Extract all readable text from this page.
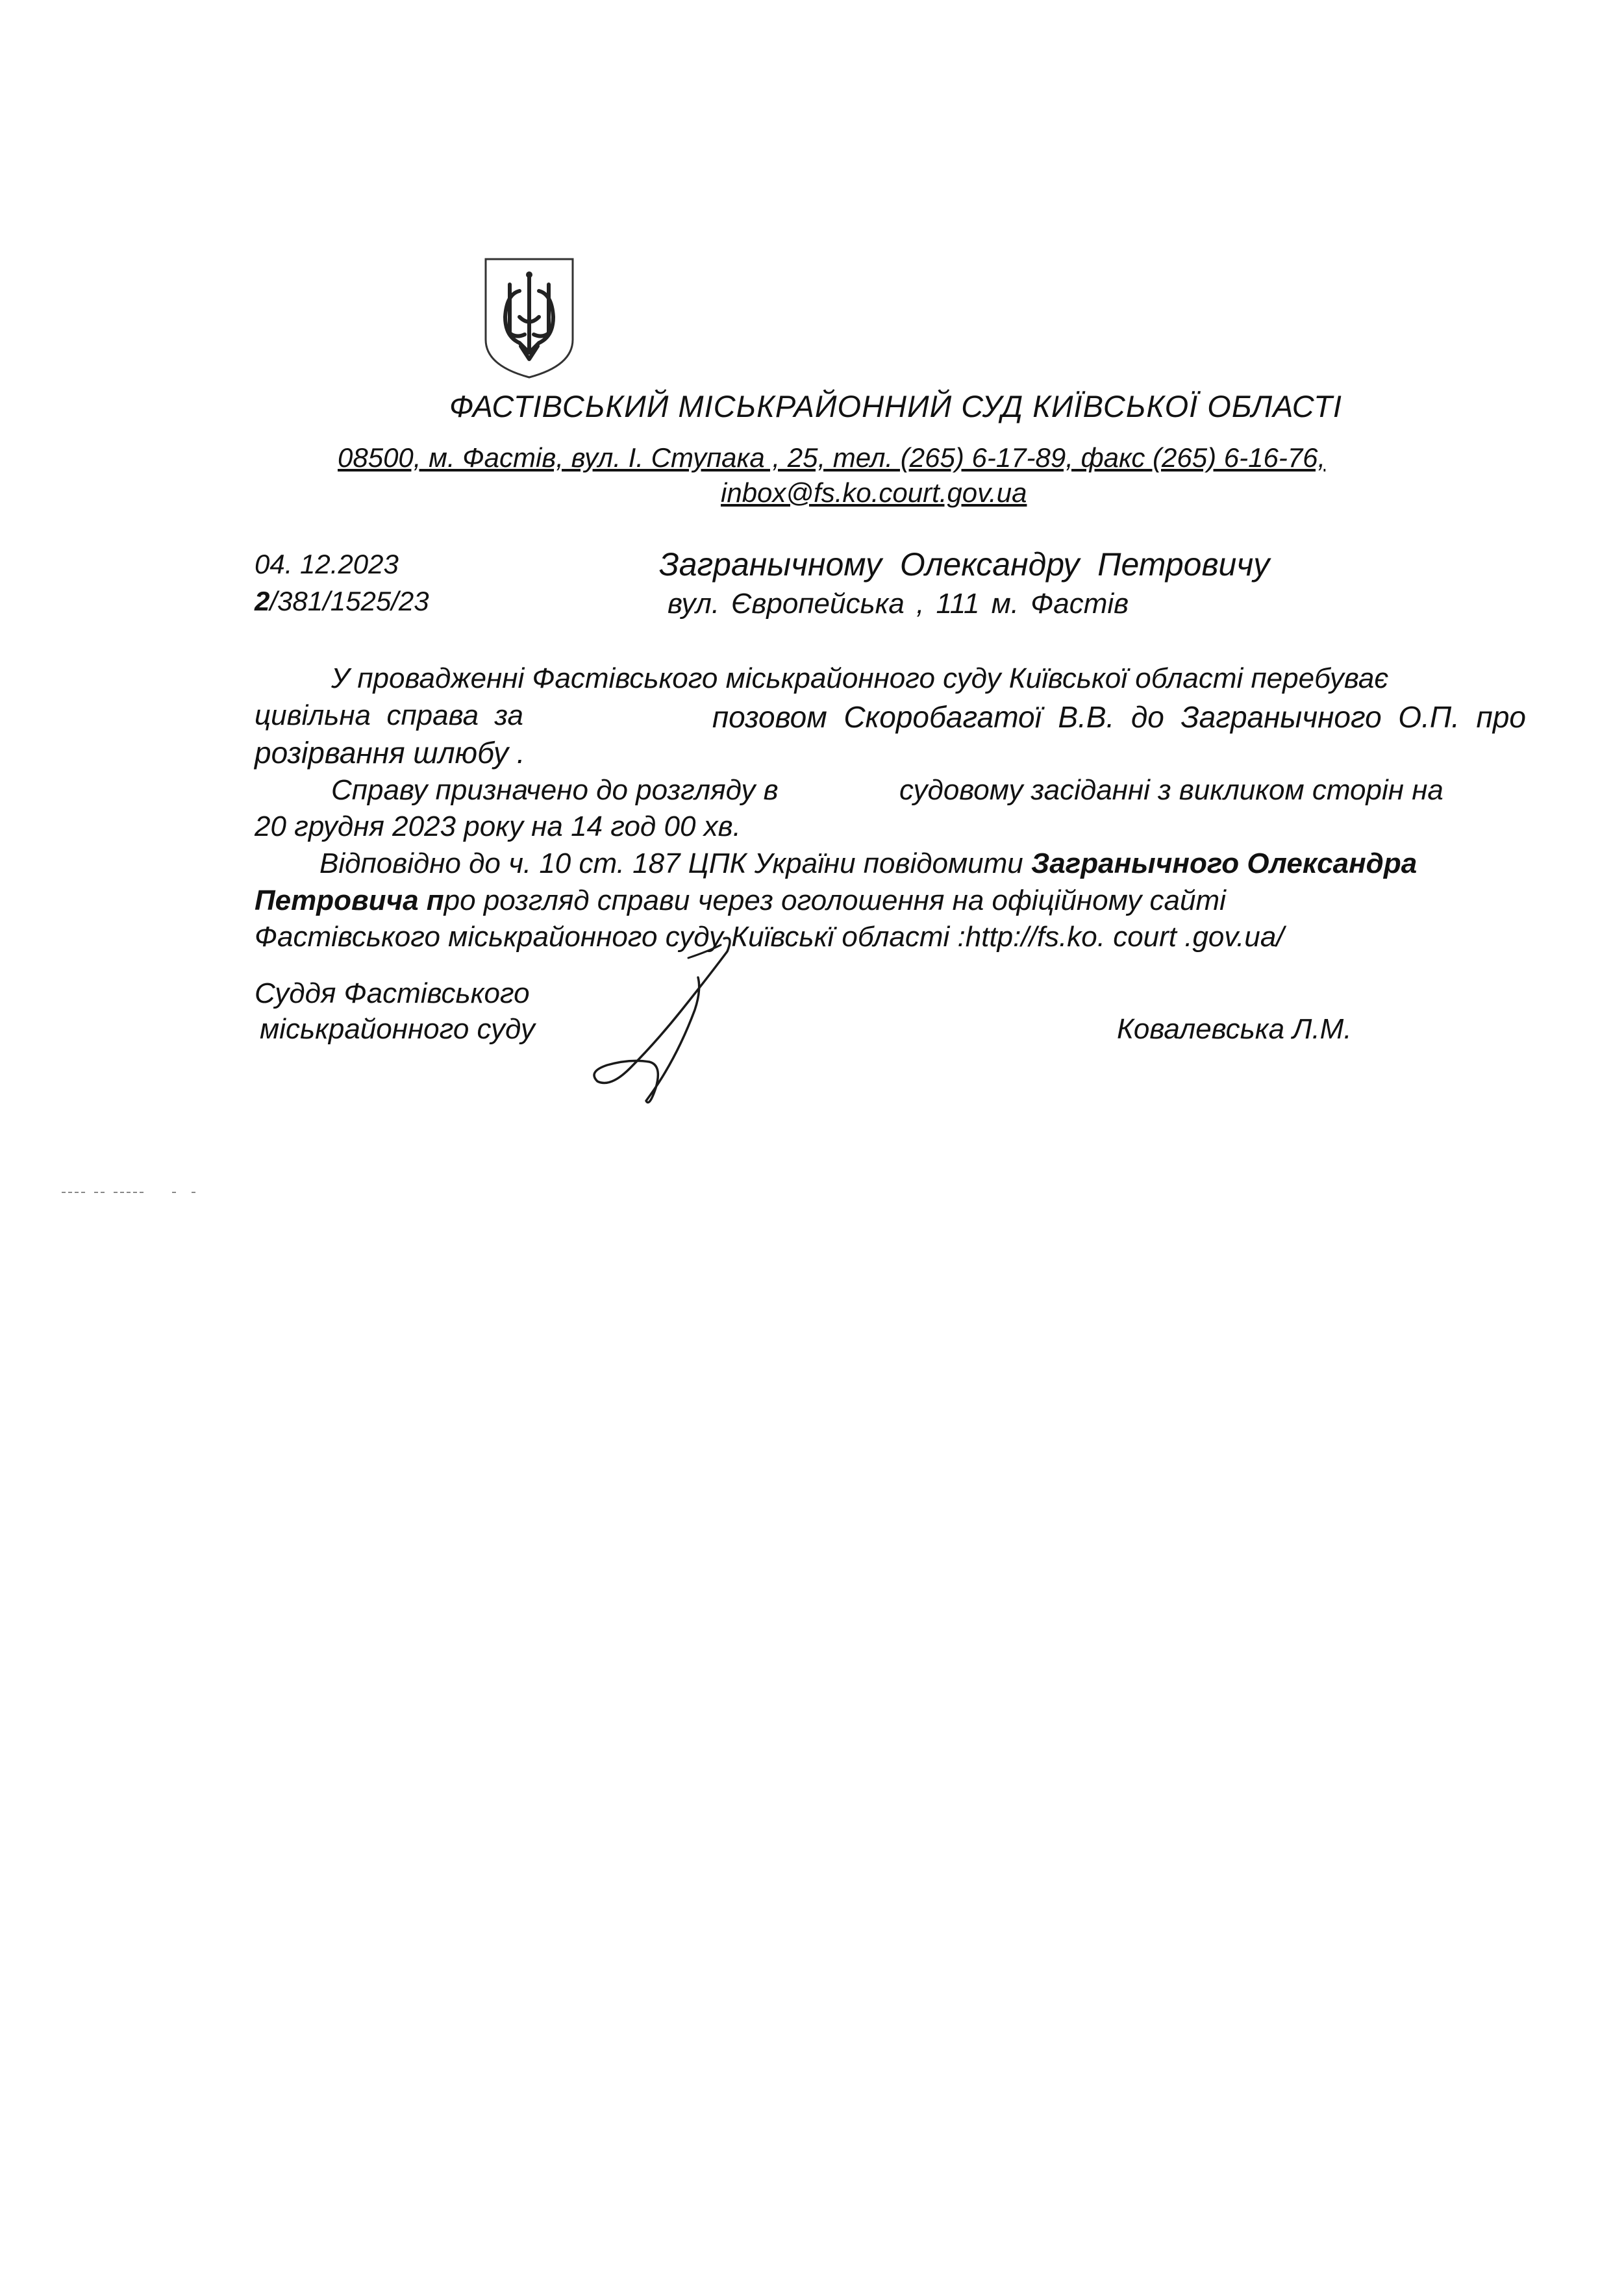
ФАСТІВСЬКИЙ МІСЬКРАЙОННИЙ СУД КИЇВСЬКОЇ ОБЛАСТІ
08500, м. Фастів, вул. І. Ступака , 25, тел. (265) 6-17-89, факс (265) 6-16-76,
inbox@fs.ko.court.gov.ua
04. 12.2023
2/381/1525/23
Загранычному Олександру Петровичу
вул. Європейська , 111 м. Фастів
У провадженні Фастівського міськрайонного суду Київської області перебуває
цивільна  справа  за	позовом  Скоробагатої  В.В.  до  Загранычного  О.П.  про
розірвання шлюбу .
Справу призначено до розгляду в	судовому засіданні з викликом сторін на
20 грудня 2023 року на 14 год 00 хв.
Відповідно до ч. 10 ст. 187 ЦПК України повідомити Загранычного Олександра
Петровича про розгляд справи через оголошення на офіційному сайті
Фастівського міськрайонного суду Київськї області :http://fs.ko. court .gov.ua/
Суддя Фастівського
міськрайонного суду	Ковалевська Л.М.
